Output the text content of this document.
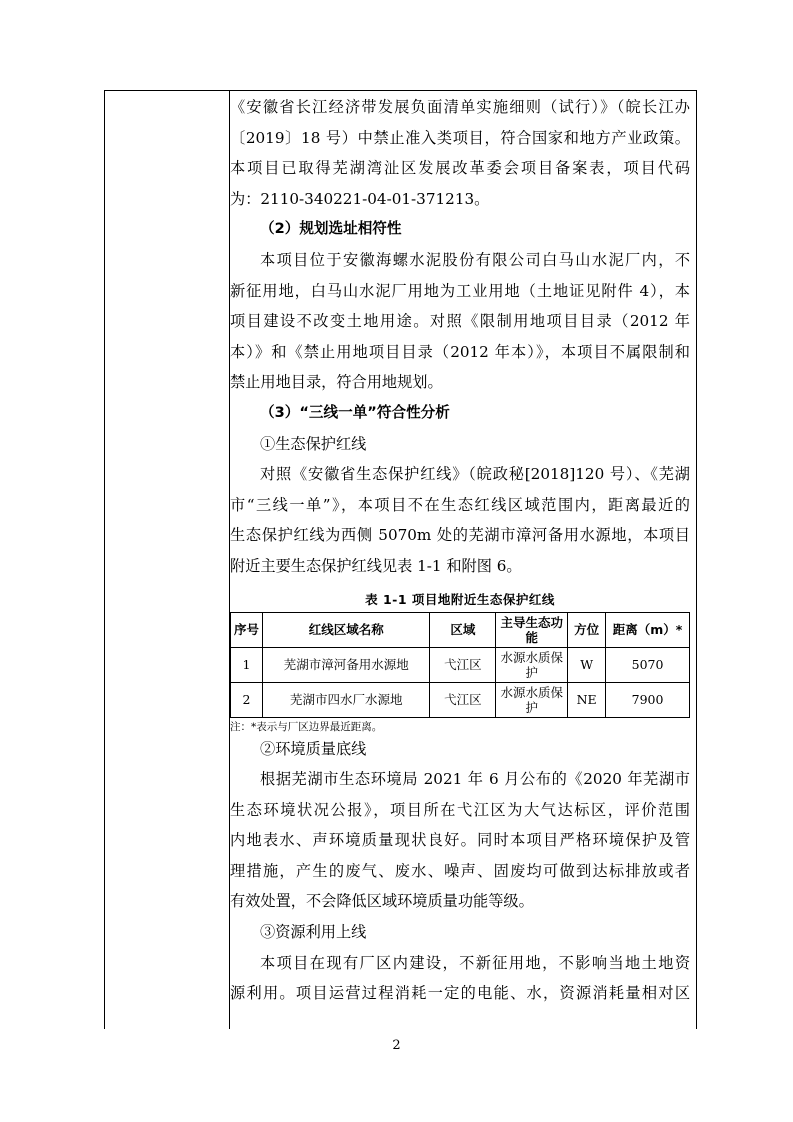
《安徽省长江经济带发展负面清单实施细则（试行）》（皖长江办

〔2019〕18 号）中禁止准入类项目，符合国家和地方产业政策。

本项目已取得芜湖湾沚区发展改革委会项目备案表，项目代码

为：2110-340221-04-01-371213。

（2）规划选址相符性

本项目位于安徽海螺水泥股份有限公司白马山水泥厂内，不

新征用地，白马山水泥厂用地为工业用地（土地证见附件 4），本

项目建设不改变土地用途。对照《限制用地项目目录（2012 年

本）》和《禁止用地项目目录（2012 年本）》，本项目不属限制和

禁止用地目录，符合用地规划。

（3）“三线一单”符合性分析

①生态保护红线

对照《安徽省生态保护红线》（皖政秘[2018]120 号）、《芜湖

市“三线一单”》，本项目不在生态红线区域范围内，距离最近的

生态保护红线为西侧 5070m 处的芜湖市漳河备用水源地，本项目

附近主要生态保护红线见表 1-1 和附图 6。

表 1-1 项目地附近生态保护红线
序号	红线区域名称	区域	主导生态功能	方位	距离（m）*
1	芜湖市漳河备用水源地	弋江区	水源水质保护	W	5070
2	芜湖市四水厂水源地	弋江区	水源水质保护	NE	7900

注：*表示与厂区边界最近距离。

②环境质量底线

根据芜湖市生态环境局 2021 年 6 月公布的《2020 年芜湖市

生态环境状况公报》，项目所在弋江区为大气达标区，评价范围

内地表水、声环境质量现状良好。同时本项目严格环境保护及管

理措施，产生的废气、废水、噪声、固废均可做到达标排放或者

有效处置，不会降低区域环境质量功能等级。

③资源利用上线

本项目在现有厂区内建设，不新征用地，不影响当地土地资

源利用。项目运营过程消耗一定的电能、水，资源消耗量相对区

2
